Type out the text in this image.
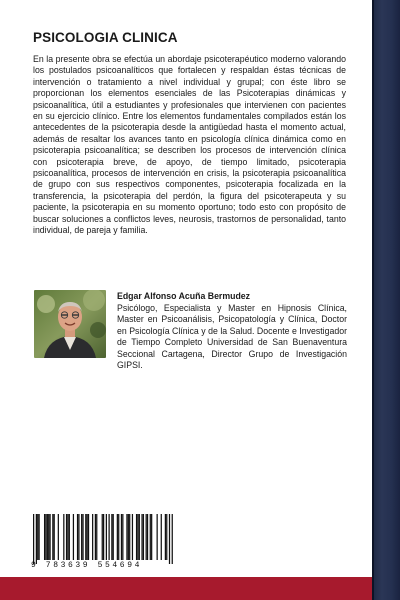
PSICOLOGIA CLINICA

En la presente obra se efectúa un abordaje psicoterapéutico moderno valorando los postulados psicoanalíticos que fortalecen y respaldan éstas técnicas de intervención o tratamiento a nivel individual y grupal; con éste libro se proporcionan los elementos esenciales de las Psicoterapias dinámicas y psicoanalítica, útil a estudiantes y profesionales que intervienen con pacientes en su ejercicio clínico. Entre los elementos fundamentales compilados están los antecedentes de la psicoterapia desde la antigüedad hasta el momento actual, además de resaltar los avances tanto en psicología clínica dinámica como en psicoterapia psicoanalítica; se describen los procesos de intervención clínica con psicoterapia breve, de apoyo, de tiempo limitado, psicoterapia psicoanalítica, procesos de intervención en crisis, la psicoterapia psicoanalítica de grupo con sus respectivos componentes, psicoterapia focalizada en la transferencia, la psicoterapia del perdón, la figura del psicoterapeuta y su paciente, la psicoterapia en su momento oportuno; todo esto con propósito de buscar soluciones a conflictos leves, neurosis, trastornos de personalidad, tanto individual, de pareja y familia.

Edgar Alfonso Acuña Bermudez

Psicólogo, Especialista y Master en Hipnosis Clínica, Master en Psicoanálisis, Psicopatología y Clínica, Doctor en Psicología Clínica y de la Salud. Docente e Investigador de Tiempo Completo Universidad de San Buenaventura Seccional Cartagena, Director Grupo de Investigación GIPSI.

9 783639 554694
